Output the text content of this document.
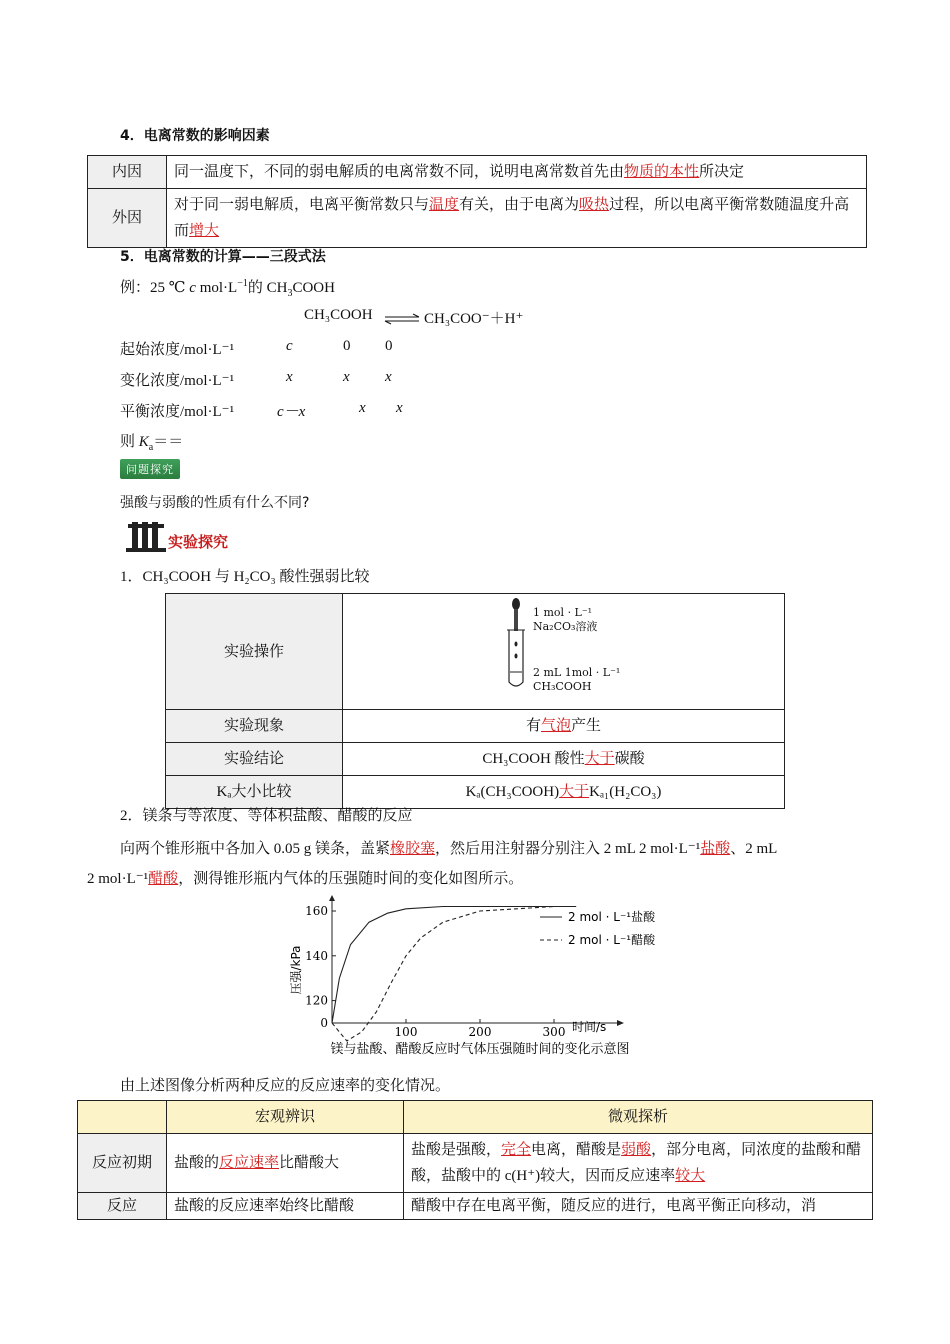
4．电离常数的影响因素
内因	同一温度下，不同的弱电解质的电离常数不同，说明电离常数首先由物质的本性所决定
外因	对于同一弱电解质，电离平衡常数只与温度有关，由于电离为吸热过程，所以电离平衡常数随温度升高而增大
5．电离常数的计算——三段式法
例：25 ℃ c $mol\cdot L^{-1}$的 $CH_3COOH$
CH₃COOH ⇌ CH₃COO⁻＋H⁺
起始浓度/mol·L⁻¹	c	0 0
变化浓度/mol·L⁻¹	x	x x
平衡浓度/mol·L⁻¹	c－x	x x
则 $K_a==$
问题探究
强酸与弱酸的性质有什么不同?
实验探究
1．CH₃COOH 与 H₂CO₃ 酸性强弱比较
实验操作	1 mol · L⁻¹
Na₂CO₃溶液
2 mL 1mol · L⁻¹
CH₃COOH

实验现象	有气泡产生
实验结论	CH₃COOH 酸性大于碳酸
Kₐ大小比较	Kₐ(CH₃COOH)大于Kₐ₁(H₂CO₃)
2．镁条与等浓度、等体积盐酸、醋酸的反应
向两个锥形瓶中各加入 0.05 g 镁条，盖紧橡胶塞，然后用注射器分别注入 2 mL 2 mol·L⁻¹盐酸、2 mL
2 mol·L⁻¹醋酸，测得锥形瓶内气体的压强随时间的变化如图所示。
100	200	300
0
120
140
160
时间/s
压强/kPa
2 mol · L⁻¹盐酸
2 mol · L⁻¹醋酸
镁与盐酸、醋酸反应时气体压强随时间的变化示意图
由上述图像分析两种反应的反应速率的变化情况。
	宏观辨识	微观探析
反应初期	盐酸的反应速率比醋酸大	盐酸是强酸，完全电离，醋酸是弱酸，部分电离，同浓度的盐酸和醋酸，盐酸中的 c(H⁺)较大，因而反应速率较大
反应	盐酸的反应速率始终比醋酸	醋酸中存在电离平衡，随反应的进行，电离平衡正向移动，消
